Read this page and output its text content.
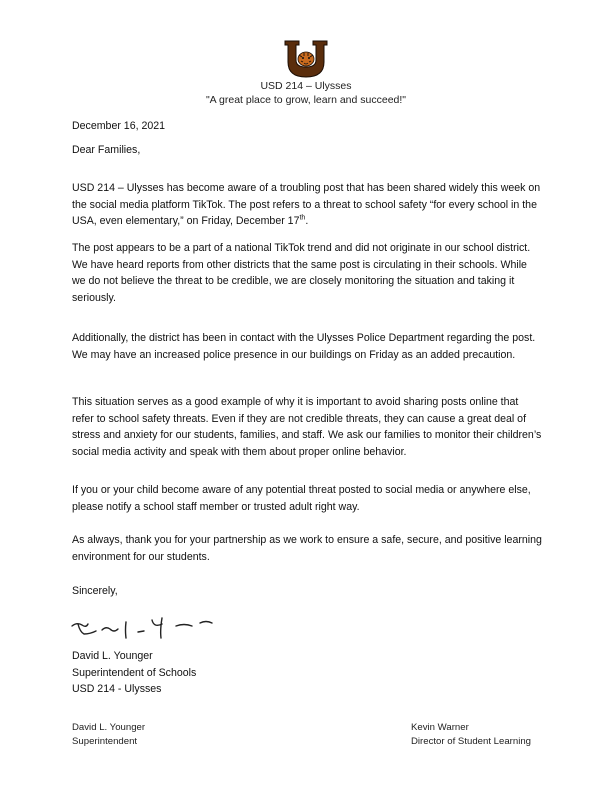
USD 214 – Ulysses
"A great place to grow, learn and succeed!"
December 16, 2021
Dear Families,

USD 214 – Ulysses has become aware of a troubling post that has been shared widely this week on the social media platform TikTok. The post refers to a threat to school safety “for every school in the USA, even elementary,” on Friday, December 17th.

The post appears to be a part of a national TikTok trend and did not originate in our school district. We have heard reports from other districts that the same post is circulating in their schools. While we do not believe the threat to be credible, we are closely monitoring the situation and taking it seriously.

Additionally, the district has been in contact with the Ulysses Police Department regarding the post. We may have an increased police presence in our buildings on Friday as an added precaution.

This situation serves as a good example of why it is important to avoid sharing posts online that refer to school safety threats. Even if they are not credible threats, they can cause a great deal of stress and anxiety for our students, families, and staff. We ask our families to monitor their children’s social media activity and speak with them about proper online behavior.

If you or your child become aware of any potential threat posted to social media or anywhere else, please notify a school staff member or trusted adult right way.

As always, thank you for your partnership as we work to ensure a safe, secure, and positive learning environment for our students.

Sincerely,

David L. Younger

Superintendent of Schools

USD 214 - Ulysses

David L. Younger
Superintendent
Kevin Warner
Director of Student Learning
